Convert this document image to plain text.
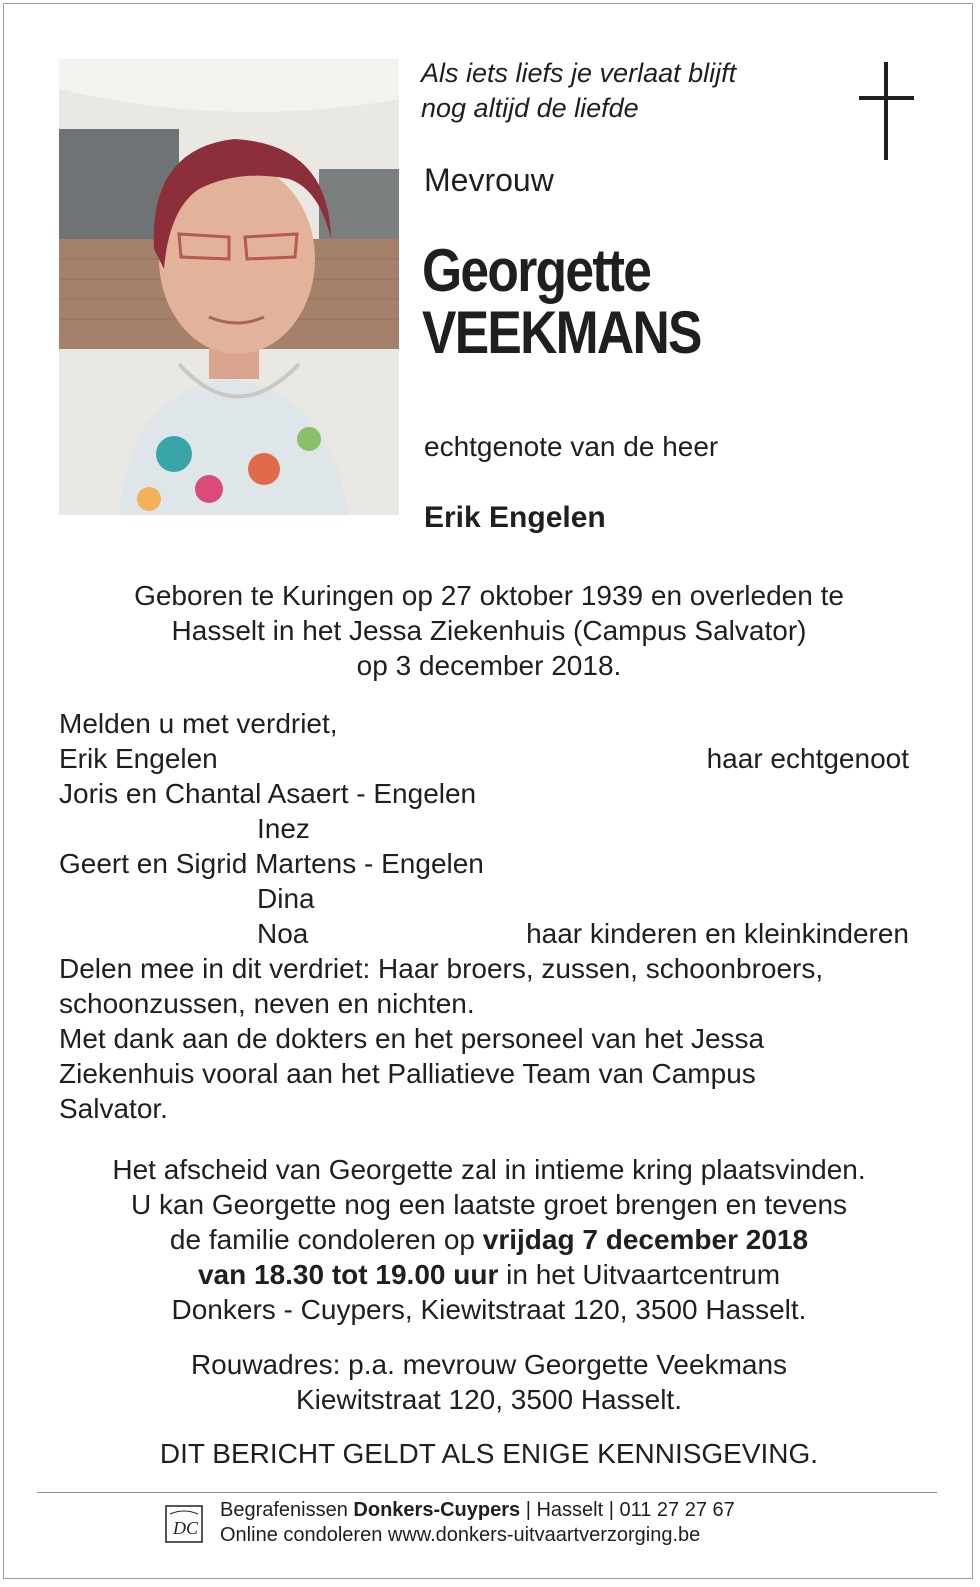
Als iets liefs je verlaat blijft
nog altijd de liefde
Mevrouw
Georgette
VEEKMANS
echtgenote van de heer
Erik Engelen
Geboren te Kuringen op 27 oktober 1939 en overleden te
Hasselt in het Jessa Ziekenhuis (Campus Salvator)
op 3 december 2018.
Melden u met verdriet,
Erik Engelen	haar echtgenoot
Joris en Chantal Asaert - Engelen
Inez
Geert en Sigrid Martens - Engelen
Dina
Noa	haar kinderen en kleinkinderen
Delen mee in dit verdriet: Haar broers, zussen, schoonbroers,
schoonzussen, neven en nichten.
Met dank aan de dokters en het personeel van het Jessa
Ziekenhuis vooral aan het Palliatieve Team van Campus
Salvator.
Het afscheid van Georgette zal in intieme kring plaatsvinden.
U kan Georgette nog een laatste groet brengen en tevens
de familie condoleren op vrijdag 7 december 2018
van 18.30 tot 19.00 uur in het Uitvaartcentrum
Donkers - Cuypers, Kiewitstraat 120, 3500 Hasselt.
Rouwadres: p.a. mevrouw Georgette Veekmans
Kiewitstraat 120, 3500 Hasselt.
DIT BERICHT GELDT ALS ENIGE KENNISGEVING.
DC
Begrafenissen Donkers-Cuypers | Hasselt | 011 27 27 67
Online condoleren www.donkers-uitvaartverzorging.be
